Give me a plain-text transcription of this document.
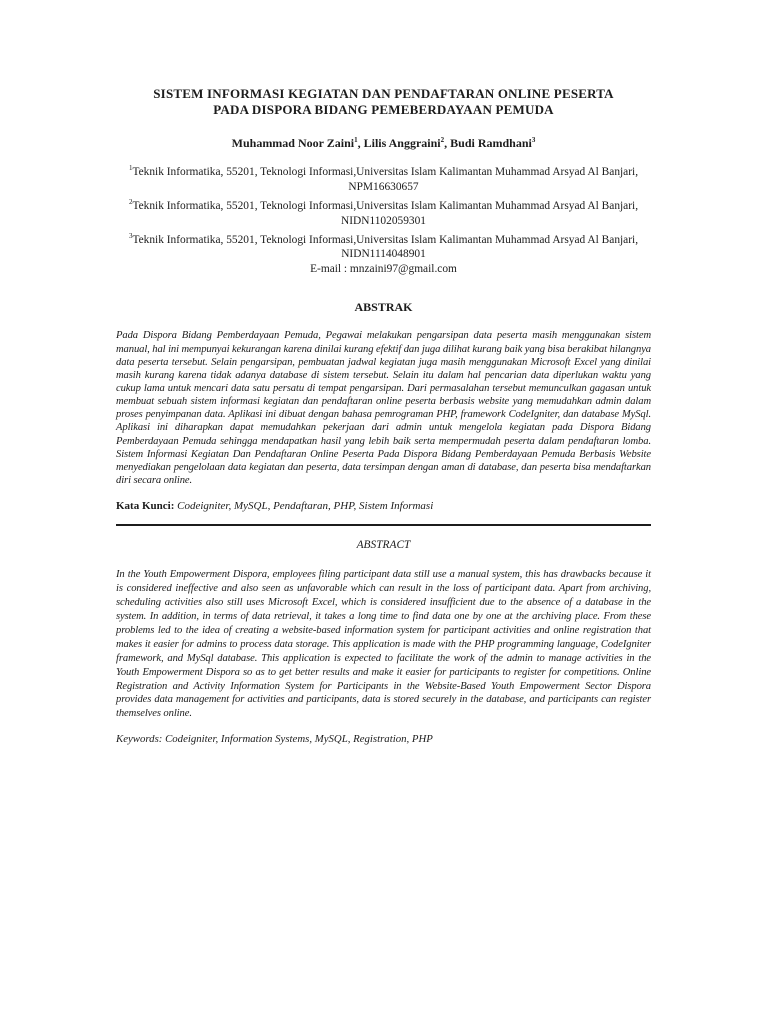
SISTEM INFORMASI KEGIATAN DAN PENDAFTARAN ONLINE PESERTA
PADA DISPORA BIDANG PEMEBERDAYAAN PEMUDA
Muhammad Noor Zaini$^1$, Lilis Anggraini$^2$, Budi Ramdhani$^3$
$^1$Teknik Informatika, 55201, Teknologi Informasi,Universitas Islam Kalimantan Muhammad Arsyad Al Banjari,
NPM16630657
$^2$Teknik Informatika, 55201, Teknologi Informasi,Universitas Islam Kalimantan Muhammad Arsyad Al Banjari,
NIDN1102059301
$^3$Teknik Informatika, 55201, Teknologi Informasi,Universitas Islam Kalimantan Muhammad Arsyad Al Banjari,
NIDN1114048901
E-mail : mnzaini97@gmail.com
ABSTRAK
Pada Dispora Bidang Pemberdayaan Pemuda, Pegawai melakukan pengarsipan data peserta masih menggunakan sistem manual, hal ini mempunyai kekurangan karena dinilai kurang efektif dan juga dilihat kurang baik yang bisa berakibat hilangnya data peserta tersebut. Selain pengarsipan, pembuatan jadwal kegiatan juga masih menggunakan Microsoft Excel yang dinilai masih kurang karena tidak adanya database di sistem tersebut. Selain itu dalam hal pencarian data diperlukan waktu yang cukup lama untuk mencari data satu persatu di tempat pengarsipan. Dari permasalahan tersebut memunculkan gagasan untuk membuat sebuah sistem informasi kegiatan dan pendaftaran online peserta berbasis website yang memudahkan admin dalam proses penyimpanan data. Aplikasi ini dibuat dengan bahasa pemrograman PHP, framework CodeIgniter, dan database MySql. Aplikasi ini diharapkan dapat memudahkan pekerjaan dari admin untuk mengelola kegiatan pada Dispora Bidang Pemberdayaan Pemuda sehingga mendapatkan hasil yang lebih baik serta mempermudah peserta dalam pendaftaran lomba. Sistem Informasi Kegiatan Dan Pendaftaran Online Peserta Pada Dispora Bidang Pemberdayaan Pemuda Berbasis Website menyediakan pengelolaan data kegiatan dan peserta, data tersimpan dengan aman di database, dan peserta bisa mendaftarkan diri secara online.
Kata Kunci: Codeigniter, MySQL, Pendaftaran, PHP, Sistem Informasi
ABSTRACT
In the Youth Empowerment Dispora, employees filing participant data still use a manual system, this has drawbacks because it is considered ineffective and also seen as unfavorable which can result in the loss of participant data. Apart from archiving, scheduling activities also still uses Microsoft Excel, which is considered insufficient due to the absence of a database in the system. In addition, in terms of data retrieval, it takes a long time to find data one by one at the archiving place. From these problems led to the idea of creating a website-based information system for participant activities and online registration that makes it easier for admins to process data storage. This application is made with the PHP programming language, CodeIgniter framework, and MySql database. This application is expected to facilitate the work of the admin to manage activities in the Youth Empowerment Dispora so as to get better results and make it easier for participants to register for competitions. Online Registration and Activity Information System for Participants in the Website-Based Youth Empowerment Sector Dispora provides data management for activities and participants, data is stored securely in the database, and participants can register themselves online.
Keywords: Codeigniter, Information Systems, MySQL, Registration, PHP
